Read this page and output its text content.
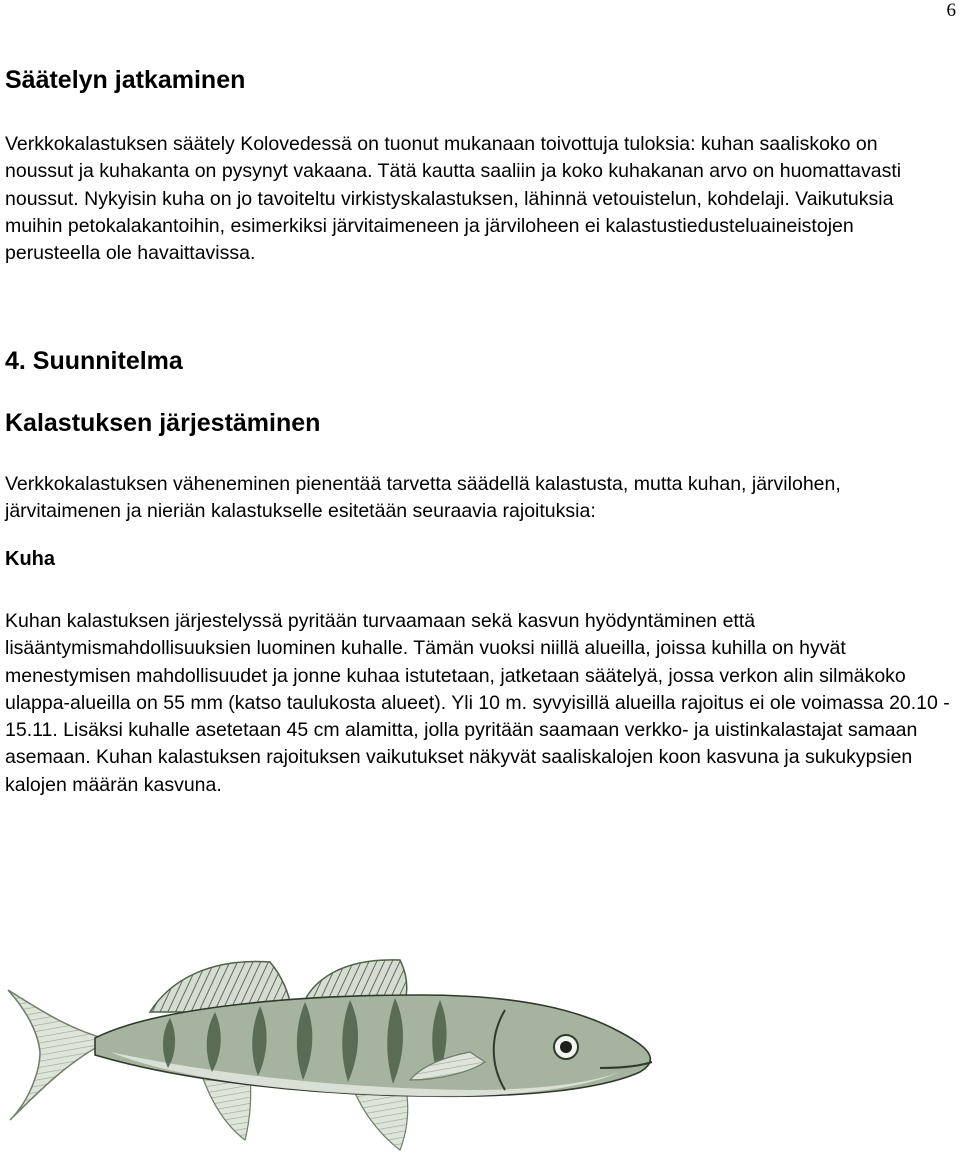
6
Säätelyn jatkaminen

Verkkokalastuksen säätely Kolovedessä on tuonut mukanaan toivottuja tuloksia: kuhan saaliskoko on noussut ja kuhakanta on pysynyt vakaana. Tätä kautta saaliin ja koko kuhakanan arvo on huomattavasti noussut. Nykyisin kuha on jo tavoiteltu virkistyskalastuksen, lähinnä vetouistelun, kohdelaji. Vaikutuksia muihin petokalakantoihin, esimerkiksi järvitaimeneen ja järviloheen ei kalastustiedusteluaineistojen perusteella ole havaittavissa.

4. Suunnitelma
Kalastuksen järjestäminen

Verkkokalastuksen väheneminen pienentää tarvetta säädellä kalastusta, mutta kuhan, järvilohen, järvitaimenen ja nieriän kalastukselle esitetään seuraavia rajoituksia:

Kuha

Kuhan kalastuksen järjestelyssä pyritään turvaamaan sekä kasvun hyödyntäminen että lisääntymismahdollisuuksien luominen kuhalle. Tämän vuoksi niillä alueilla, joissa kuhilla on hyvät menestymisen mahdollisuudet ja jonne kuhaa istutetaan, jatketaan säätelyä, jossa verkon alin silmäkoko ulappa-alueilla on 55 mm (katso taulukosta alueet). Yli 10 m. syvyisillä alueilla rajoitus ei ole voimassa 20.10 - 15.11. Lisäksi kuhalle asetetaan 45 cm alamitta, jolla pyritään saamaan verkko- ja uistinkalastajat samaan asemaan. Kuhan kalastuksen rajoituksen vaikutukset näkyvät saaliskalojen koon kasvuna ja sukukypsien kalojen määrän kasvuna.
